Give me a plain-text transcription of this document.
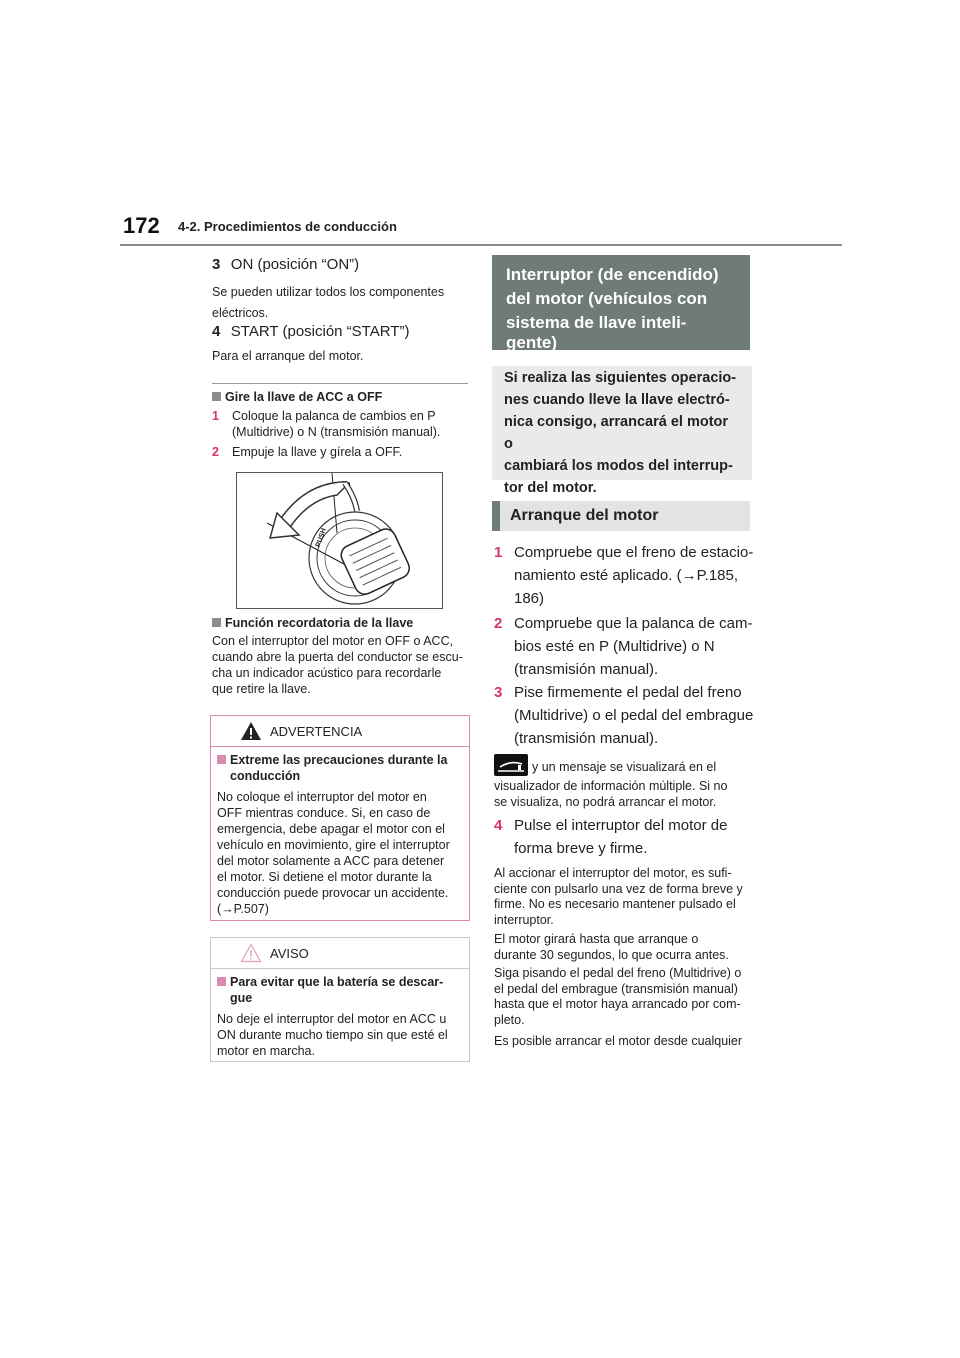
172 4-2. Procedimientos de conducción
3 ON (posición “ON”)
Se pueden utilizar todos los componentes
eléctricos.
4 START (posición “START”)
Para el arranque del motor.
Gire la llave de ACC a OFF
1 Coloque la palanca de cambios en P
(Multidrive) o N (transmisión manual).
2 Empuje la llave y gírela a OFF.
PUSH
Función recordatoria de la llave
Con el interruptor del motor en OFF o ACC,
cuando abre la puerta del conductor se escu-
cha un indicador acústico para recordarle
que retire la llave.
ADVERTENCIA
Extreme las precauciones durante la
conducción
No coloque el interruptor del motor en
OFF mientras conduce. Si, en caso de
emergencia, debe apagar el motor con el
vehículo en movimiento, gire el interruptor
del motor solamente a ACC para detener
el motor. Si detiene el motor durante la
conducción puede provocar un accidente.
(→P.507)
AVISO
Para evitar que la batería se descar-
gue
No deje el interruptor del motor en ACC u
ON durante mucho tiempo sin que esté el
motor en marcha.
Interruptor (de encendido)
del motor (vehículos con
sistema de llave inteli-
gente)
Si realiza las siguientes operacio-
nes cuando lleve la llave electró-
nica consigo, arrancará el motor o
cambiará los modos del interrup-
tor del motor.
Arranque del motor
1 Compruebe que el freno de estacio-
namiento esté aplicado. (→P.185,
186)
2 Compruebe que la palanca de cam-
bios esté en P (Multidrive) o N
(transmisión manual).
3 Pise firmemente el pedal del freno
(Multidrive) o el pedal del embrague
(transmisión manual).
y un mensaje se visualizará en el
visualizador de información múltiple. Si no
se visualiza, no podrá arrancar el motor.
4 Pulse el interruptor del motor de
forma breve y firme.
Al accionar el interruptor del motor, es sufi-
ciente con pulsarlo una vez de forma breve y
firme. No es necesario mantener pulsado el
interruptor.
El motor girará hasta que arranque o
durante 30 segundos, lo que ocurra antes.
Siga pisando el pedal del freno (Multidrive) o
el pedal del embrague (transmisión manual)
hasta que el motor haya arrancado por com-
pleto.
Es posible arrancar el motor desde cualquier
